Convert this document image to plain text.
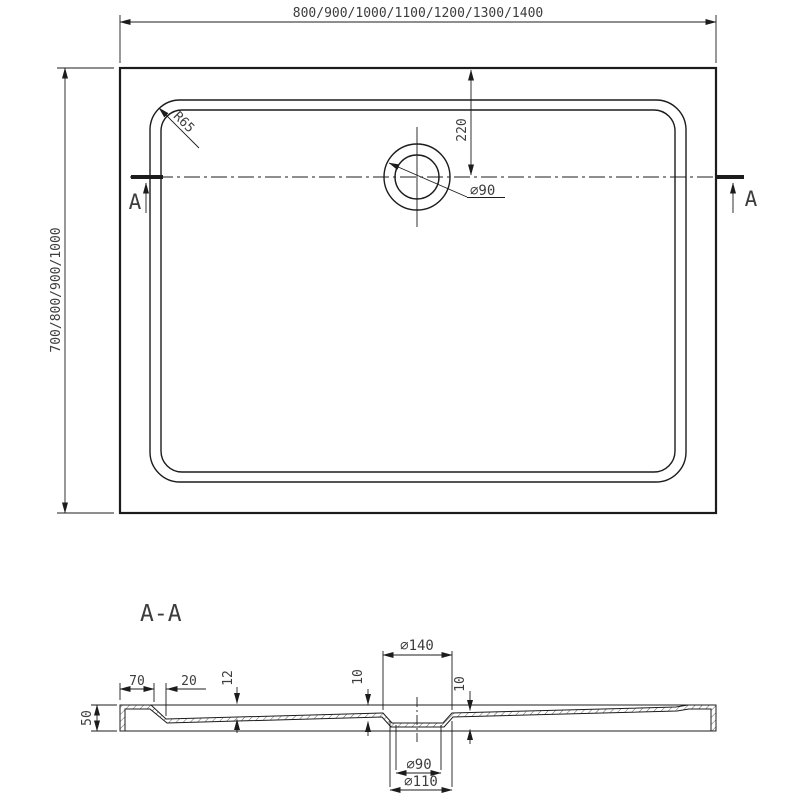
800/900/1000/1100/1200/1300/1400
700/800/900/1000
A	A
220
⌀90
R65
A-A
50
70	20 12	10	10
⌀140
⌀90
⌀110
